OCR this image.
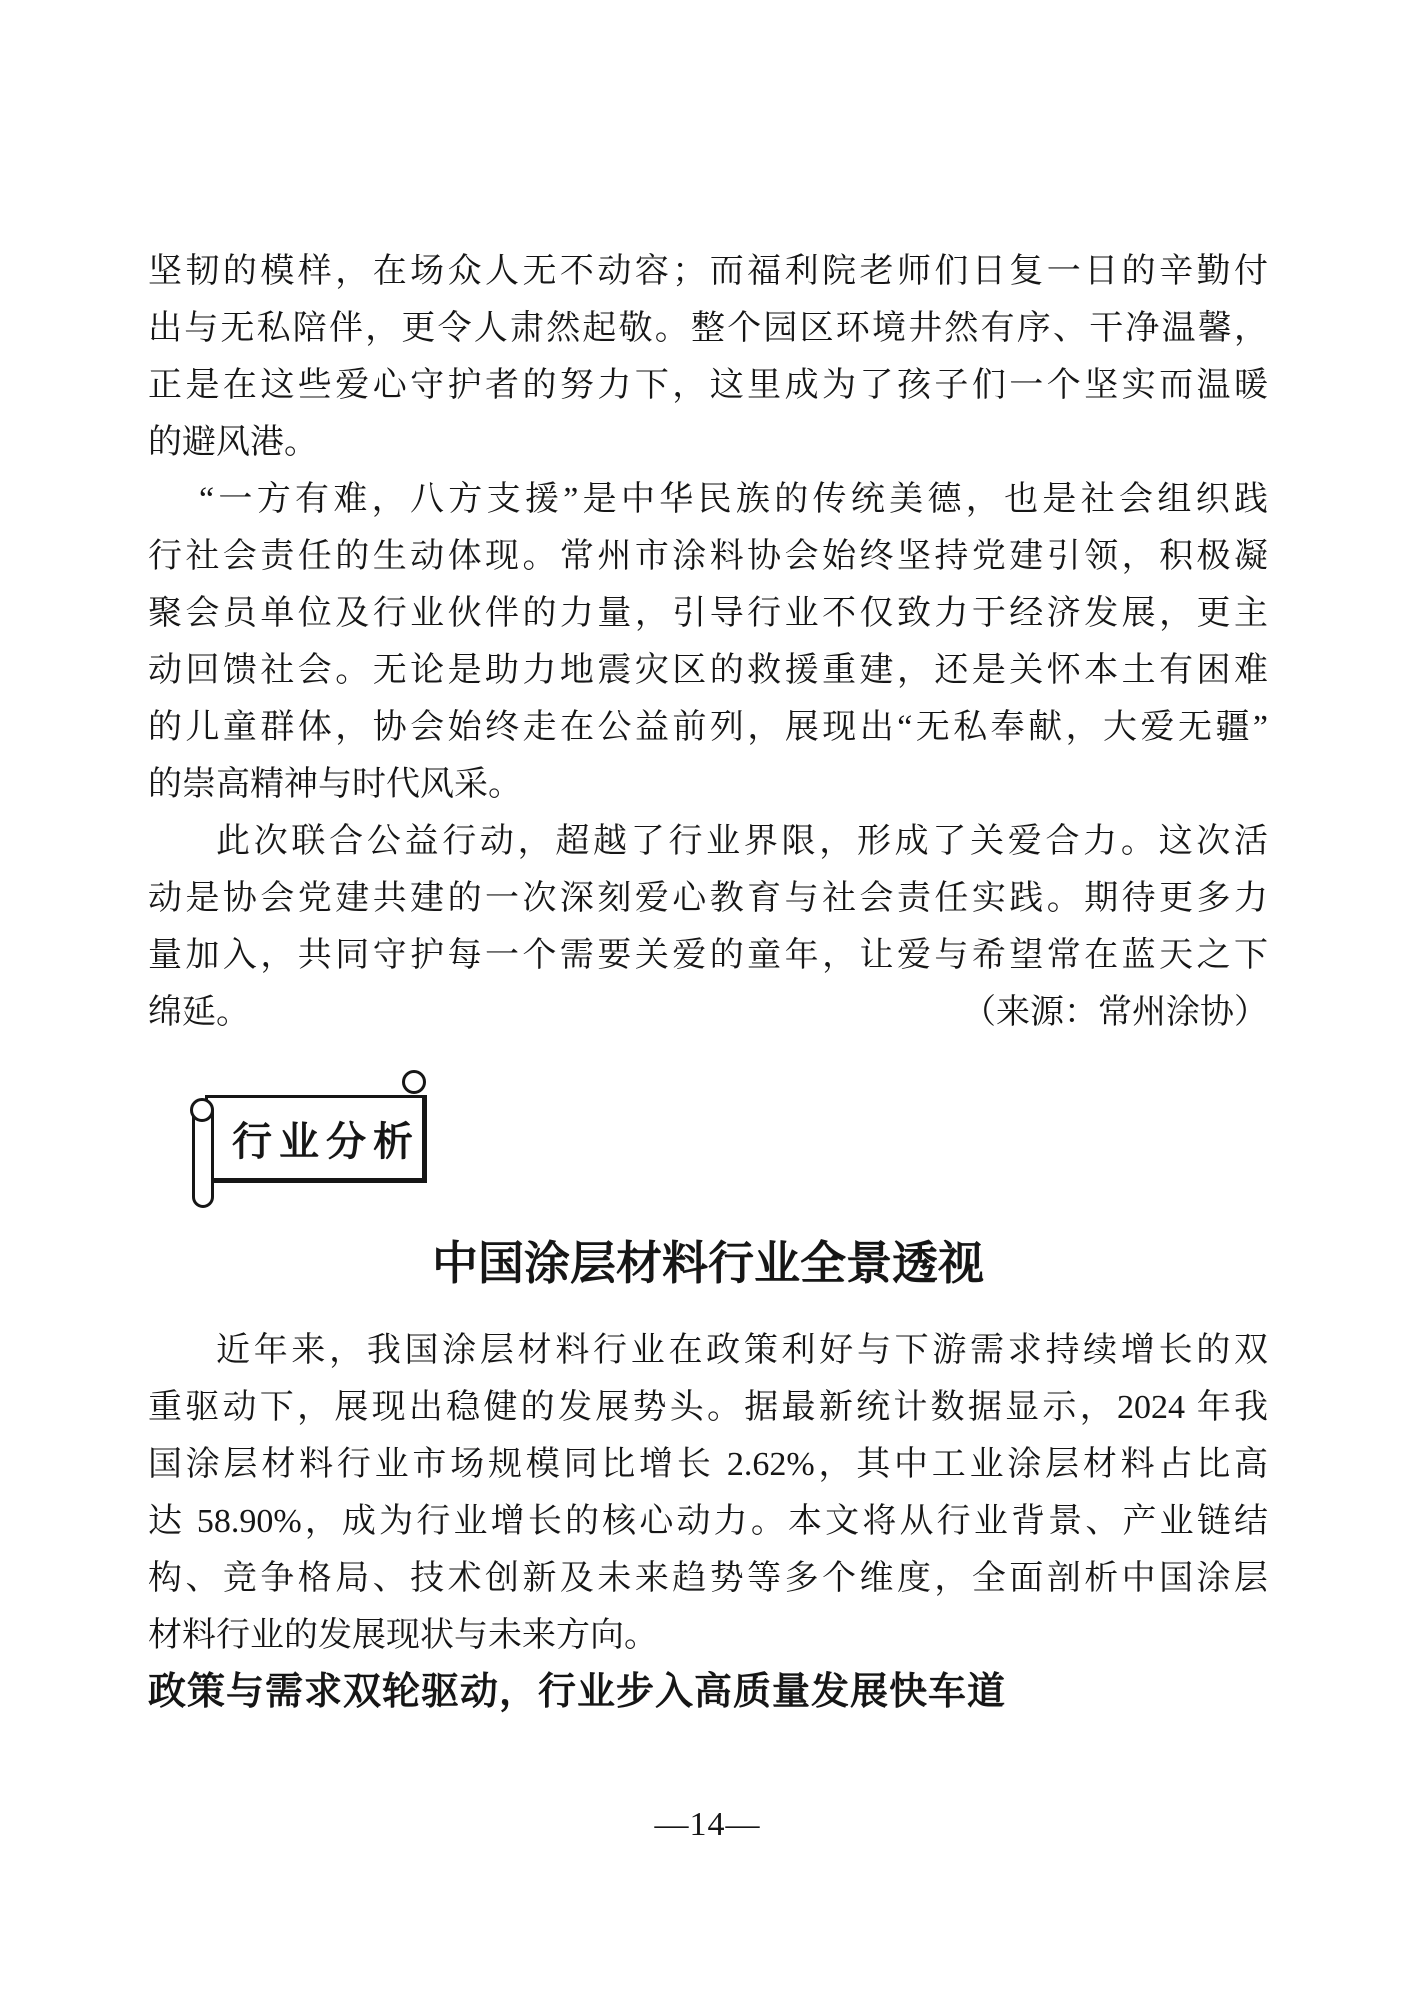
坚韧的模样，在场众人无不动容；而福利院老师们日复一日的辛勤付
出与无私陪伴，更令人肃然起敬。整个园区环境井然有序、干净温馨，
正是在这些爱心守护者的努力下，这里成为了孩子们一个坚实而温暖
的避风港。
“一方有难，八方支援”是中华民族的传统美德，也是社会组织践
行社会责任的生动体现。常州市涂料协会始终坚持党建引领，积极凝
聚会员单位及行业伙伴的力量，引导行业不仅致力于经济发展，更主
动回馈社会。无论是助力地震灾区的救援重建，还是关怀本土有困难
的儿童群体，协会始终走在公益前列，展现出“无私奉献，大爱无疆”
的崇高精神与时代风采。
此次联合公益行动，超越了行业界限，形成了关爱合力。这次活
动是协会党建共建的一次深刻爱心教育与社会责任实践。期待更多力
量加入，共同守护每一个需要关爱的童年，让爱与希望常在蓝天之下
绵延。	（来源：常州涂协）
行业分析
中国涂层材料行业全景透视
近年来，我国涂层材料行业在政策利好与下游需求持续增长的双
重驱动下，展现出稳健的发展势头。据最新统计数据显示，2024 年我
国涂层材料行业市场规模同比增长 2.62%，其中工业涂层材料占比高
达 58.90%，成为行业增长的核心动力。本文将从行业背景、产业链结
构、竞争格局、技术创新及未来趋势等多个维度，全面剖析中国涂层
材料行业的发展现状与未来方向。
政策与需求双轮驱动，行业步入高质量发展快车道
—14—
